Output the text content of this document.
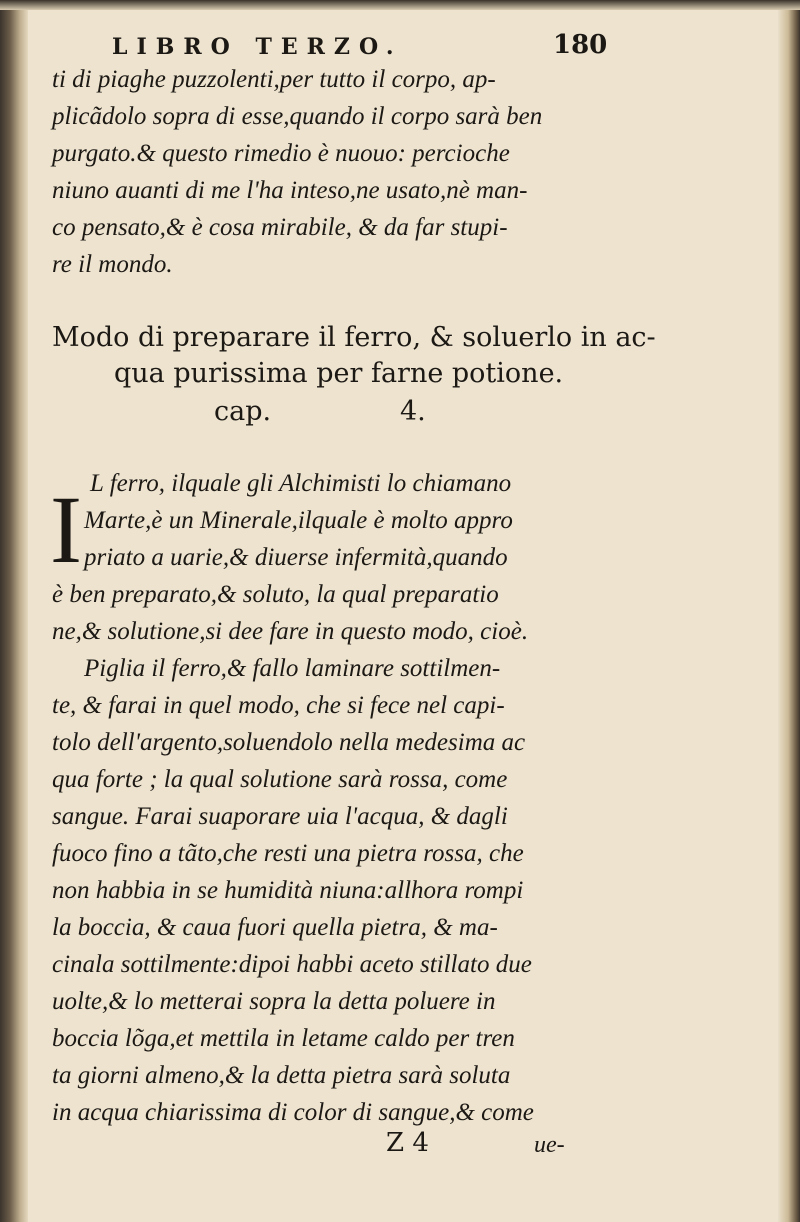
LIBRO TERZO.	180
ti di piaghe puzzolenti,per tutto il corpo, ap-
plicãdolo sopra di esse,quando il corpo sarà ben
purgato.& questo rimedio è nuouo: percioche
niuno auanti di me l'ha inteso,ne usato,nè man-
co pensato,& è cosa mirabile, & da far stupi-
re il mondo.
Modo di preparare il ferro, & soluerlo in ac-
qua purissima per farne potione.
cap.	4.
I L ferro, ilquale gli Alchimisti lo chiamano
Marte,è un Minerale,ilquale è molto appro
priato a uarie,& diuerse infermità,quando
è ben preparato,& soluto, la qual preparatio
ne,& solutione,si dee fare in questo modo, cioè.
Piglia il ferro,& fallo laminare sottilmen-
te, & farai in quel modo, che si fece nel capi-
tolo dell'argento,soluendolo nella medesima ac
qua forte ; la qual solutione sarà rossa, come
sangue. Farai suaporare uia l'acqua, & dagli
fuoco fino a tãto,che resti una pietra rossa, che
non habbia in se humidità niuna:allhora rompi
la boccia, & caua fuori quella pietra, & ma-
cinala sottilmente:dipoi habbi aceto stillato due
uolte,& lo metterai sopra la detta poluere in
boccia lõga,et mettila in letame caldo per tren
ta giorni almeno,& la detta pietra sarà soluta
in acqua chiarissima di color di sangue,& come
Z 4	ue-
